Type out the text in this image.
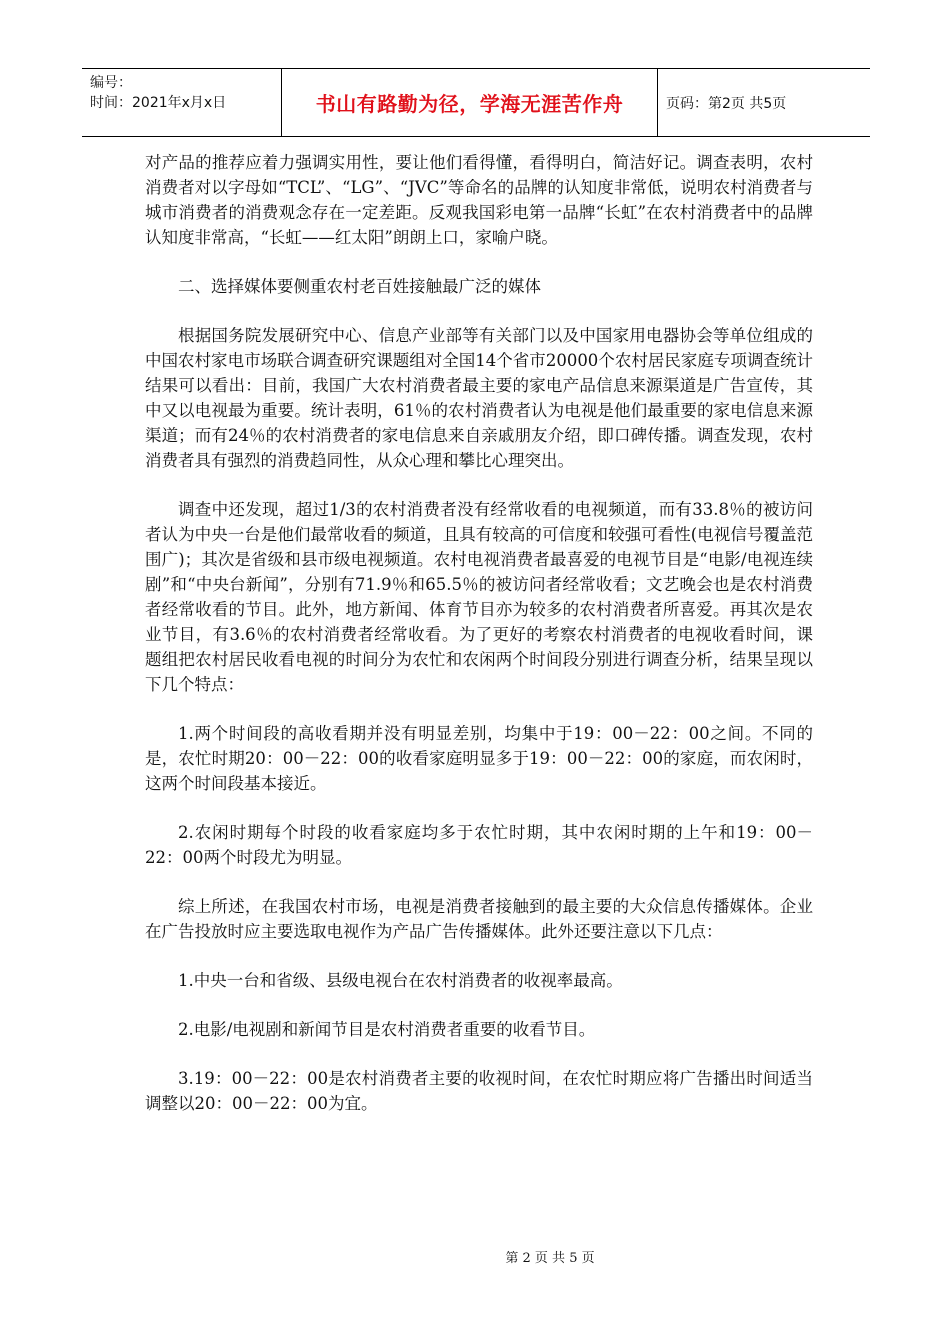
编号：
时间：2021年x月x日	书山有路勤为径，学海无涯苦作舟	页码：第2页 共5页

对产品的推荐应着力强调实用性，要让他们看得懂，看得明白，简洁好记。调查表明，农村消费者对以字母如“TCL”、“LG”、“JVC”等命名的品牌的认知度非常低，说明农村消费者与城市消费者的消费观念存在一定差距。反观我国彩电第一品牌“长虹”在农村消费者中的品牌认知度非常高，“长虹——红太阳”朗朗上口，家喻户晓。

二、选择媒体要侧重农村老百姓接触最广泛的媒体

根据国务院发展研究中心、信息产业部等有关部门以及中国家用电器协会等单位组成的中国农村家电市场联合调查研究课题组对全国14个省市20000个农村居民家庭专项调查统计结果可以看出：目前，我国广大农村消费者最主要的家电产品信息来源渠道是广告宣传，其中又以电视最为重要。统计表明，61％的农村消费者认为电视是他们最重要的家电信息来源渠道；而有24％的农村消费者的家电信息来自亲戚朋友介绍，即口碑传播。调查发现，农村消费者具有强烈的消费趋同性，从众心理和攀比心理突出。

调查中还发现，超过1/3的农村消费者没有经常收看的电视频道，而有33.8％的被访问者认为中央一台是他们最常收看的频道，且具有较高的可信度和较强可看性(电视信号覆盖范围广)；其次是省级和县市级电视频道。农村电视消费者最喜爱的电视节目是“电影/电视连续剧”和“中央台新闻”，分别有71.9％和65.5％的被访问者经常收看；文艺晚会也是农村消费者经常收看的节目。此外，地方新闻、体育节目亦为较多的农村消费者所喜爱。再其次是农业节目，有3.6％的农村消费者经常收看。为了更好的考察农村消费者的电视收看时间，课题组把农村居民收看电视的时间分为农忙和农闲两个时间段分别进行调查分析，结果呈现以下几个特点：

1.两个时间段的高收看期并没有明显差别，均集中于19：00－22：00之间。不同的是，农忙时期20：00－22：00的收看家庭明显多于19：00－22：00的家庭，而农闲时，这两个时间段基本接近。

2.农闲时期每个时段的收看家庭均多于农忙时期，其中农闲时期的上午和19：00－22：00两个时段尤为明显。

综上所述，在我国农村市场，电视是消费者接触到的最主要的大众信息传播媒体。企业在广告投放时应主要选取电视作为产品广告传播媒体。此外还要注意以下几点：

1.中央一台和省级、县级电视台在农村消费者的收视率最高。

2.电影/电视剧和新闻节目是农村消费者重要的收看节目。

3.19：00－22：00是农村消费者主要的收视时间，在农忙时期应将广告播出时间适当调整以20：00－22：00为宜。

第 2 页 共 5 页
